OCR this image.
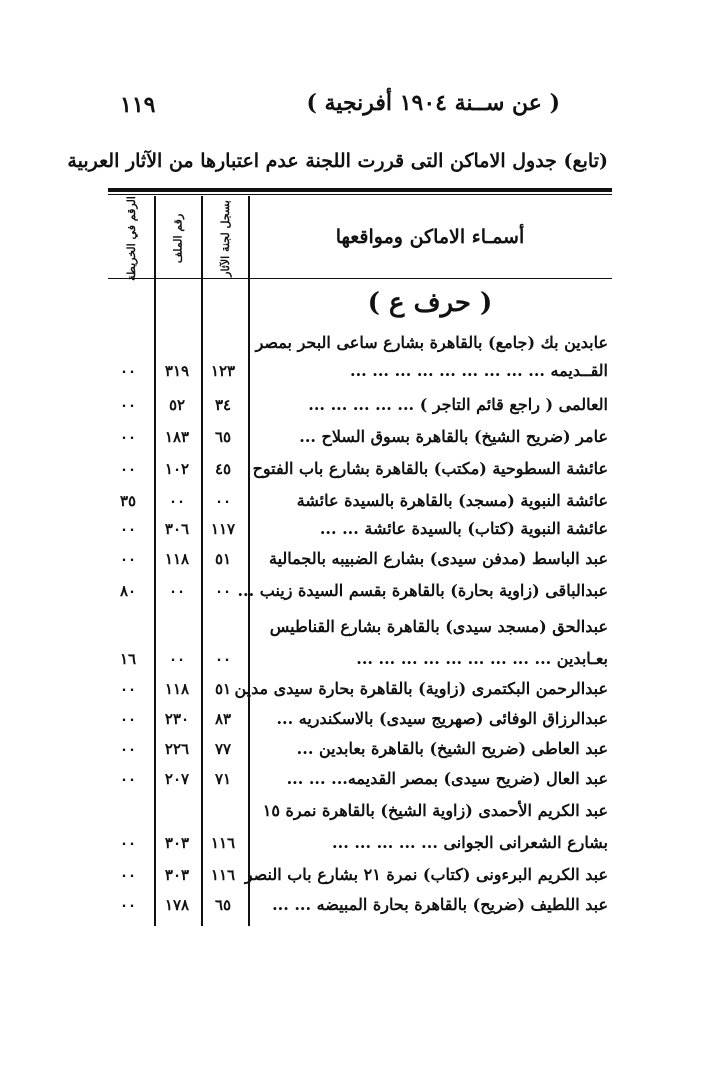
١١٩	( عن ســنة ١٩٠٤ أفرنجية )
(تابع) جدول الاماكن التى قررت اللجنة عدم اعتبارها من الآثار العربية
أسمـاء الاماكن ومواقعها
بسجل لجنة الآثار
رقم الملف
الرقم في الخريطة
( حرف ع )
عابدين بك (جامع) بالقاهرة بشارع ساعى البحر بمصر
القــديمه ... ... ... ... ... ... ... ... ...
١٢٣
٣١٩
٠٠
العالمى ( راجع قائم التاجر ) ... ... ... ... ...
٣٤
٥٢
٠٠
عامر (ضريح الشيخ) بالقاهرة بسوق السلاح ...
٦٥
١٨٣
٠٠
عائشة السطوحية (مكتب) بالقاهرة بشارع باب الفتوح
٤٥
١٠٢
٠٠
عائشة النبوية (مسجد) بالقاهرة بالسيدة عائشة
٠٠
٠٠
٣٥
عائشة النبوية (كتاب) بالسيدة عائشة ... ...
١١٧
٣٠٦
٠٠
عبد الباسط (مدفن سيدى) بشارع الضبيبه بالجمالية
٥١
١١٨
٠٠
عبدالباقى (زاوية بحارة) بالقاهرة بقسم السيدة زينب ...
٠٠
٠٠
٨٠
عبدالحق (مسجد سيدى) بالقاهرة بشارع القناطيس
بعـابدين ... ... ... ... ... ... ... ... ...
٠٠
٠٠
١٦
عبدالرحمن البكتمرى (زاوية) بالقاهرة بحارة سيدى مدين
٥١
١١٨
٠٠
عبدالرزاق الوفائى (صهريج سيدى) بالاسكندريه ...
٨٣
٢٣٠
٠٠
عبد العاطى (ضريح الشيخ) بالقاهرة بعابدين ...
٧٧
٢٢٦
٠٠
عبد العال (ضريح سيدى) بمصر القديمه... ... ...
٧١
٢٠٧
٠٠
عبد الكريم الأحمدى (زاوية الشيخ) بالقاهرة نمرة ١٥
بشارع الشعرانى الجوانى ... ... ... ... ...
١١٦
٣٠٣
٠٠
عبد الكريم البرءونى (كتاب) نمرة ٢١ بشارع باب النصر
١١٦
٣٠٣
٠٠
عبد اللطيف (ضريح) بالقاهرة بحارة المبيضه ... ...
٦٥
١٧٨
٠٠
